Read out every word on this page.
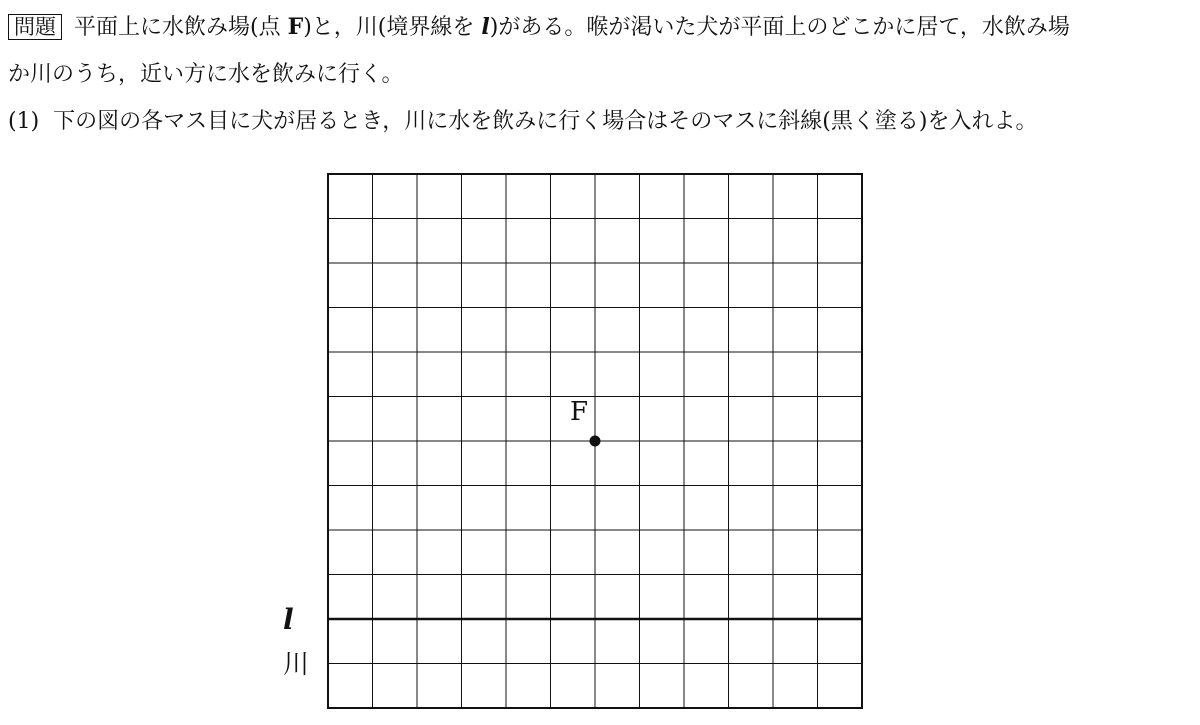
問題 平面上に水飲み場(点 F)と，川(境界線を l)がある。喉が渇いた犬が平面上のどこかに居て，水飲み場
か川のうち，近い方に水を飲みに行く。
(1) 下の図の各マス目に犬が居るとき，川に水を飲みに行く場合はそのマスに斜線(黒く塗る)を入れよ。
F
l
川
